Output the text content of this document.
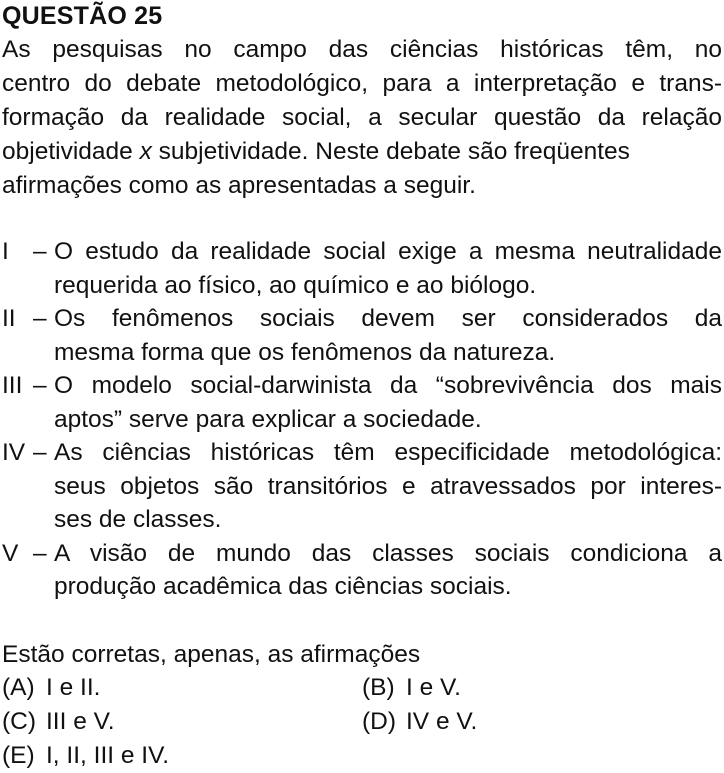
QUESTÃO 25
As pesquisas no campo das ciências históricas têm, no
centro do debate metodológico, para a interpretação e trans-
formação da realidade social, a secular questão da relação
objetividade x subjetividade. Neste debate são freqüentes
afirmações como as apresentadas a seguir.
I – O estudo da realidade social exige a mesma neutralidade
requerida ao físico, ao químico e ao biólogo.
II – Os fenômenos sociais devem ser considerados da
mesma forma que os fenômenos da natureza.
III – O modelo social-darwinista da “sobrevivência dos mais
aptos” serve para explicar a sociedade.
IV – As ciências históricas têm especificidade metodológica:
seus objetos são transitórios e atravessados por interes-
ses de classes.
V – A visão de mundo das classes sociais condiciona a
produção acadêmica das ciências sociais.
Estão corretas, apenas, as afirmações
(A) I e II.	(B) I e V.
(C) III e V.	(D) IV e V.
(E) I, II, III e IV.
